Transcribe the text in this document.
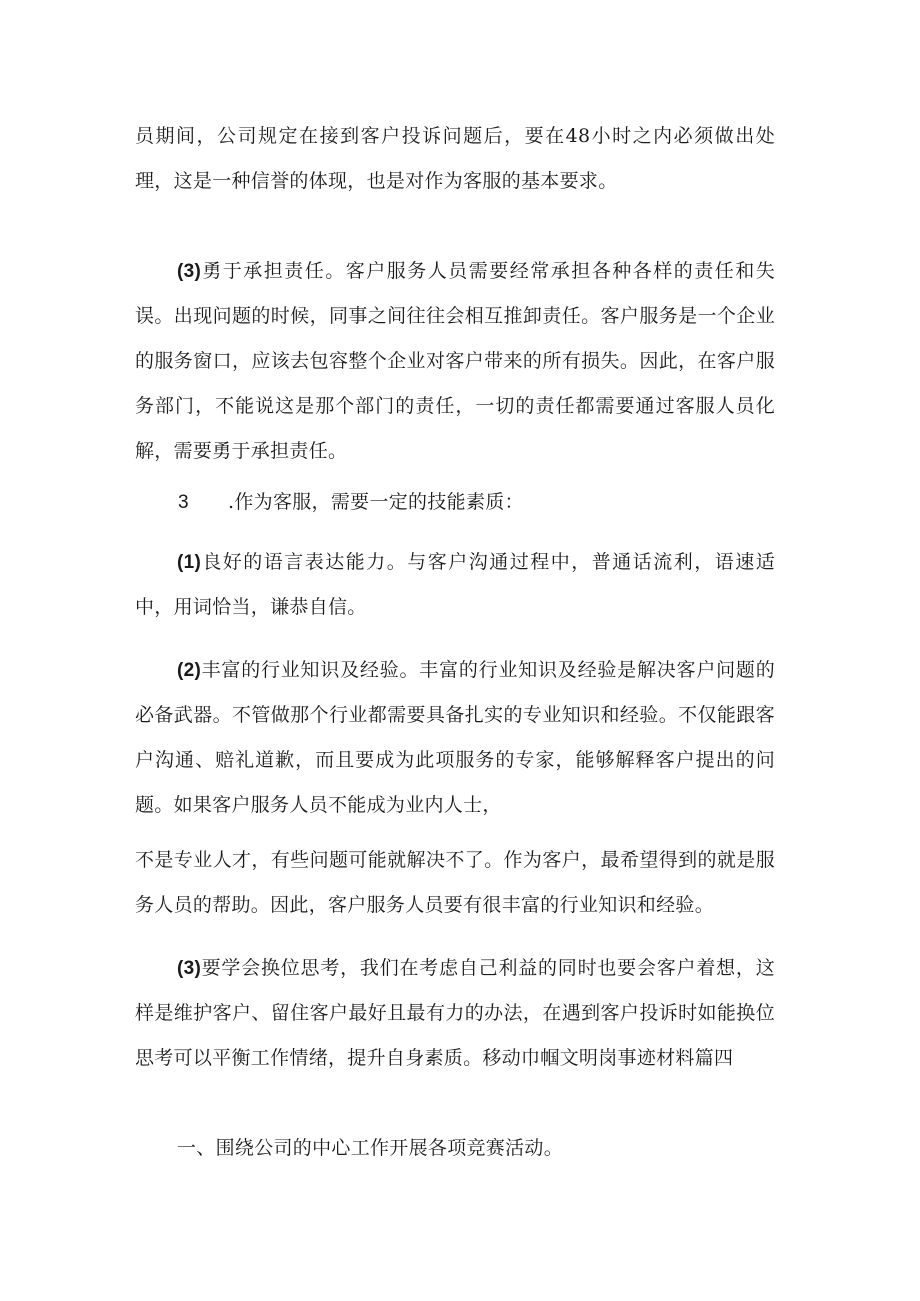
员期间，公司规定在接到客户投诉问题后，要在48小时之内必须做出处理，这是一种信誉的体现，也是对作为客服的基本要求。

(3)勇于承担责任。客户服务人员需要经常承担各种各样的责任和失误。出现问题的时候，同事之间往往会相互推卸责任。客户服务是一个企业的服务窗口，应该去包容整个企业对客户带来的所有损失。因此，在客户服务部门，不能说这是那个部门的责任，一切的责任都需要通过客服人员化解，需要勇于承担责任。

3 .作为客服，需要一定的技能素质：

(1)良好的语言表达能力。与客户沟通过程中，普通话流利，语速适中，用词恰当，谦恭自信。

(2)丰富的行业知识及经验。丰富的行业知识及经验是解决客户问题的必备武器。不管做那个行业都需要具备扎实的专业知识和经验。不仅能跟客户沟通、赔礼道歉，而且要成为此项服务的专家，能够解释客户提出的问题。如果客户服务人员不能成为业内人士，

不是专业人才，有些问题可能就解决不了。作为客户，最希望得到的就是服务人员的帮助。因此，客户服务人员要有很丰富的行业知识和经验。

(3)要学会换位思考，我们在考虑自己利益的同时也要会客户着想，这样是维护客户、留住客户最好且最有力的办法，在遇到客户投诉时如能换位思考可以平衡工作情绪，提升自身素质。移动巾帼文明岗事迹材料篇四

一、围绕公司的中心工作开展各项竞赛活动。
